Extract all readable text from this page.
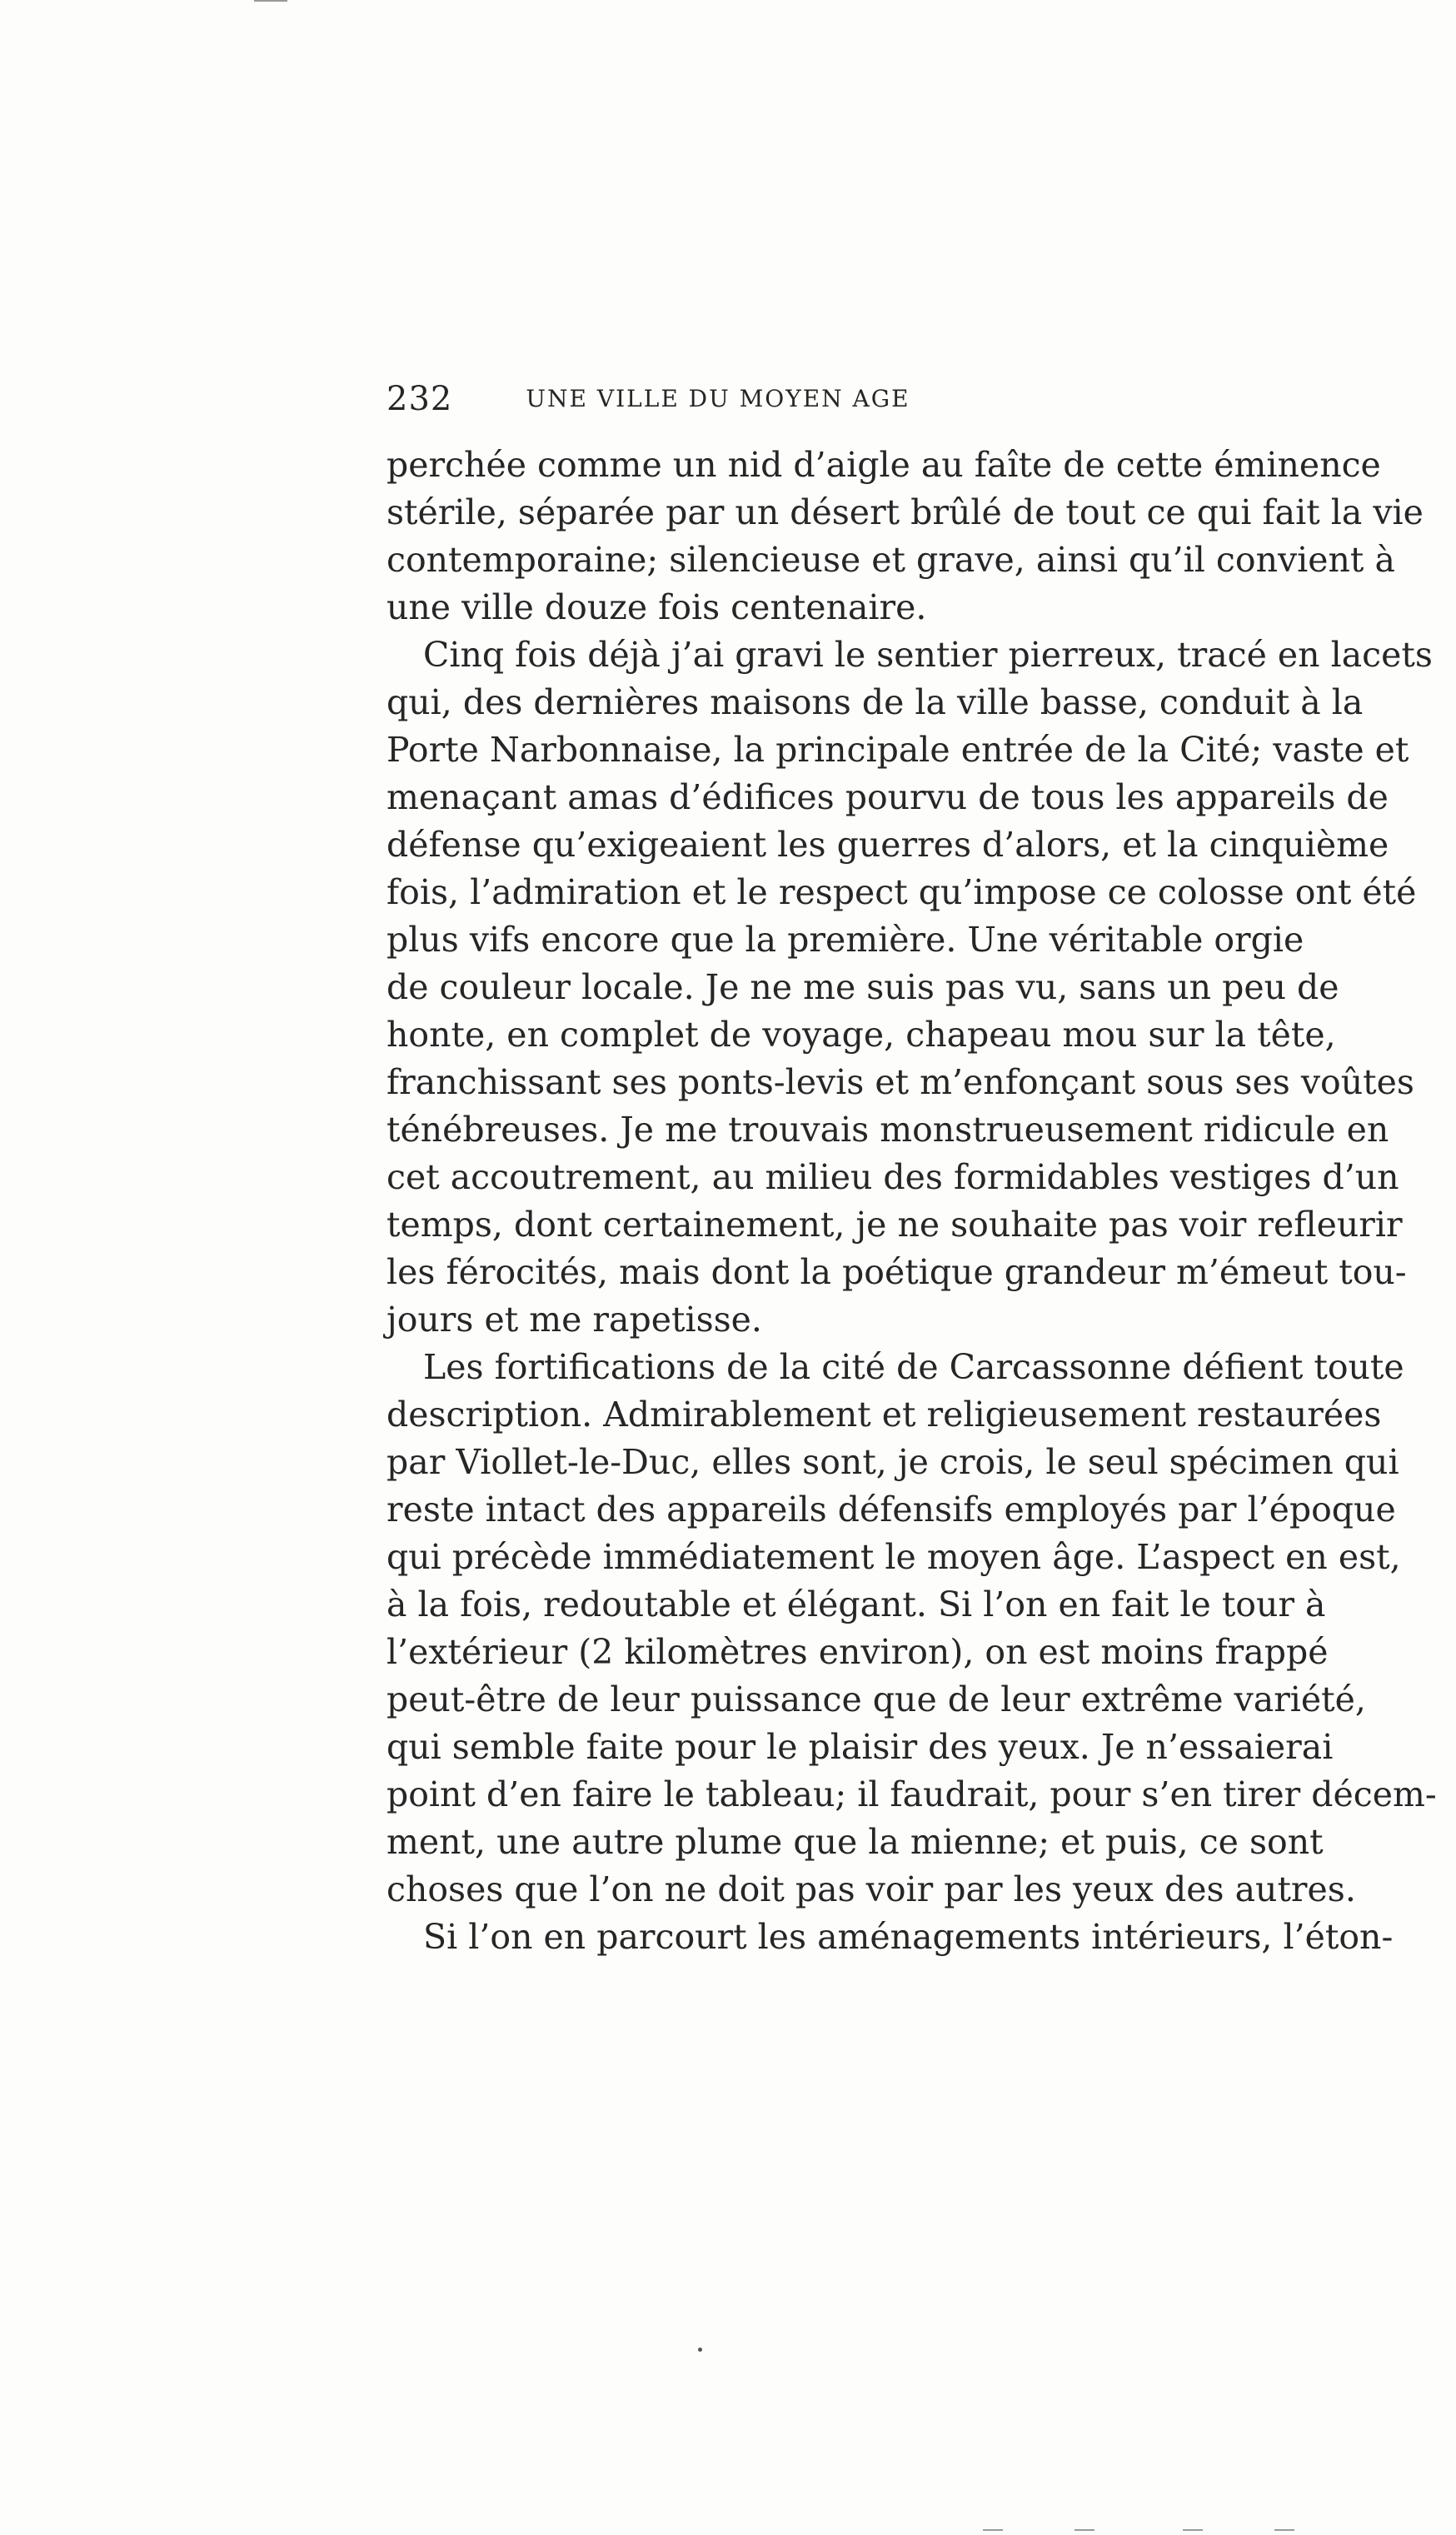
232	UNE VILLE DU MOYEN AGE

perchée comme un nid d’aigle au faîte de cette éminence
stérile, séparée par un désert brûlé de tout ce qui fait la vie
contemporaine; silencieuse et grave, ainsi qu’il convient à
une ville douze fois centenaire.

Cinq fois déjà j’ai gravi le sentier pierreux, tracé en lacets
qui, des dernières maisons de la ville basse, conduit à la
Porte Narbonnaise, la principale entrée de la Cité; vaste et
menaçant amas d’édifices pourvu de tous les appareils de
défense qu’exigeaient les guerres d’alors, et la cinquième
fois, l’admiration et le respect qu’impose ce colosse ont été
plus vifs encore que la première. Une véritable orgie
de couleur locale. Je ne me suis pas vu, sans un peu de
honte, en complet de voyage, chapeau mou sur la tête,
franchissant ses ponts-levis et m’enfonçant sous ses voûtes
ténébreuses. Je me trouvais monstrueusement ridicule en
cet accoutrement, au milieu des formidables vestiges d’un
temps, dont certainement, je ne souhaite pas voir refleurir
les férocités, mais dont la poétique grandeur m’émeut tou-
jours et me rapetisse.

Les fortifications de la cité de Carcassonne défient toute
description. Admirablement et religieusement restaurées
par Viollet-le-Duc, elles sont, je crois, le seul spécimen qui
reste intact des appareils défensifs employés par l’époque
qui précède immédiatement le moyen âge. L’aspect en est,
à la fois, redoutable et élégant. Si l’on en fait le tour à
l’extérieur (2 kilomètres environ), on est moins frappé
peut-être de leur puissance que de leur extrême variété,
qui semble faite pour le plaisir des yeux. Je n’essaierai
point d’en faire le tableau; il faudrait, pour s’en tirer décem-
ment, une autre plume que la mienne; et puis, ce sont
choses que l’on ne doit pas voir par les yeux des autres.

Si l’on en parcourt les aménagements intérieurs, l’éton-
